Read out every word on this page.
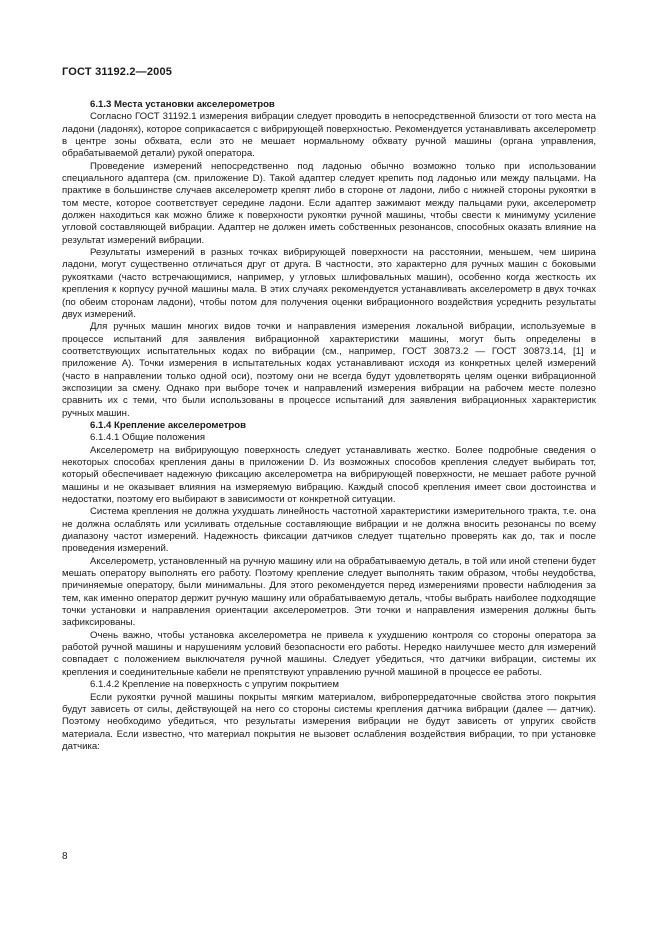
ГОСТ 31192.2—2005
6.1.3 Места установки акселерометров

Согласно ГОСТ 31192.1 измерения вибрации следует проводить в непосредственной близости от того места на ладони (ладонях), которое соприкасается с вибрирующей поверхностью. Рекомендуется устанавливать акселерометр в центре зоны обхвата, если это не мешает нормальному обхвату ручной машины (органа управления, обрабатываемой детали) рукой оператора.

Проведение измерений непосредственно под ладонью обычно возможно только при использовании специального адаптера (см. приложение D). Такой адаптер следует крепить под ладонью или между пальцами. На практике в большинстве случаев акселерометр крепят либо в стороне от ладони, либо с нижней стороны рукоятки в том месте, которое соответствует середине ладони. Если адаптер зажимают между пальцами руки, акселерометр должен находиться как можно ближе к поверхности рукоятки ручной машины, чтобы свести к минимуму усиление угловой составляющей вибрации. Адаптер не должен иметь собственных резонансов, способных оказать влияние на результат измерений вибрации.

Результаты измерений в разных точках вибрирующей поверхности на расстоянии, меньшем, чем ширина ладони, могут существенно отличаться друг от друга. В частности, это характерно для ручных машин с боковыми рукоятками (часто встречающимися, например, у угловых шлифовальных машин), особенно когда жесткость их крепления к корпусу ручной машины мала. В этих случаях рекомендуется устанавливать акселерометр в двух точках (по обеим сторонам ладони), чтобы потом для получения оценки вибрационного воздействия усреднить результаты двух измерений.

Для ручных машин многих видов точки и направления измерения локальной вибрации, используемые в процессе испытаний для заявления вибрационной характеристики машины, могут быть определены в соответствующих испытательных кодах по вибрации (см., например, ГОСТ 30873.2 — ГОСТ 30873.14, [1] и приложение А). Точки измерения в испытательных кодах устанавливают исходя из конкретных целей измерений (часто в направлении только одной оси), поэтому они не всегда будут удовлетворять целям оценки вибрационной экспозиции за смену. Однако при выборе точек и направлений измерения вибрации на рабочем месте полезно сравнить их с теми, что были использованы в процессе испытаний для заявления вибрационных характеристик ручных машин.

6.1.4 Крепление акселерометров
6.1.4.1 Общие положения

Акселерометр на вибрирующую поверхность следует устанавливать жестко. Более подробные сведения о некоторых способах крепления даны в приложении D. Из возможных способов крепления следует выбирать тот, который обеспечивает надежную фиксацию акселерометра на вибрирующей поверхности, не мешает работе ручной машины и не оказывает влияния на измеряемую вибрацию. Каждый способ крепления имеет свои достоинства и недостатки, поэтому его выбирают в зависимости от конкретной ситуации.

Система крепления не должна ухудшать линейность частотной характеристики измерительного тракта, т.е. она не должна ослаблять или усиливать отдельные составляющие вибрации и не должна вносить резонансы по всему диапазону частот измерений. Надежность фиксации датчиков следует тщательно проверять как до, так и после проведения измерений.

Акселерометр, установленный на ручную машину или на обрабатываемую деталь, в той или иной степени будет мешать оператору выполнять его работу. Поэтому крепление следует выполнять таким образом, чтобы неудобства, причиняемые оператору, были минимальны. Для этого рекомендуется перед измерениями провести наблюдения за тем, как именно оператор держит ручную машину или обрабатываемую деталь, чтобы выбрать наиболее подходящие точки установки и направления ориентации акселерометров. Эти точки и направления измерения должны быть зафиксированы.

Очень важно, чтобы установка акселерометра не привела к ухудшению контроля со стороны оператора за работой ручной машины и нарушениям условий безопасности его работы. Нередко наилучшее место для измерений совпадает с положением выключателя ручной машины. Следует убедиться, что датчики вибрации, системы их крепления и соединительные кабели не препятствуют управлению ручной машиной в процессе ее работы.

6.1.4.2 Крепление на поверхность с упругим покрытием

Если рукоятки ручной машины покрыты мягким материалом, виброперредаточные свойства этого покрытия будут зависеть от силы, действующей на него со стороны системы крепления датчика вибрации (далее — датчик). Поэтому необходимо убедиться, что результаты измерения вибрации не будут зависеть от упругих свойств материала. Если известно, что материал покрытия не вызовет ослабления воздействия вибрации, то при установке датчика:

8
